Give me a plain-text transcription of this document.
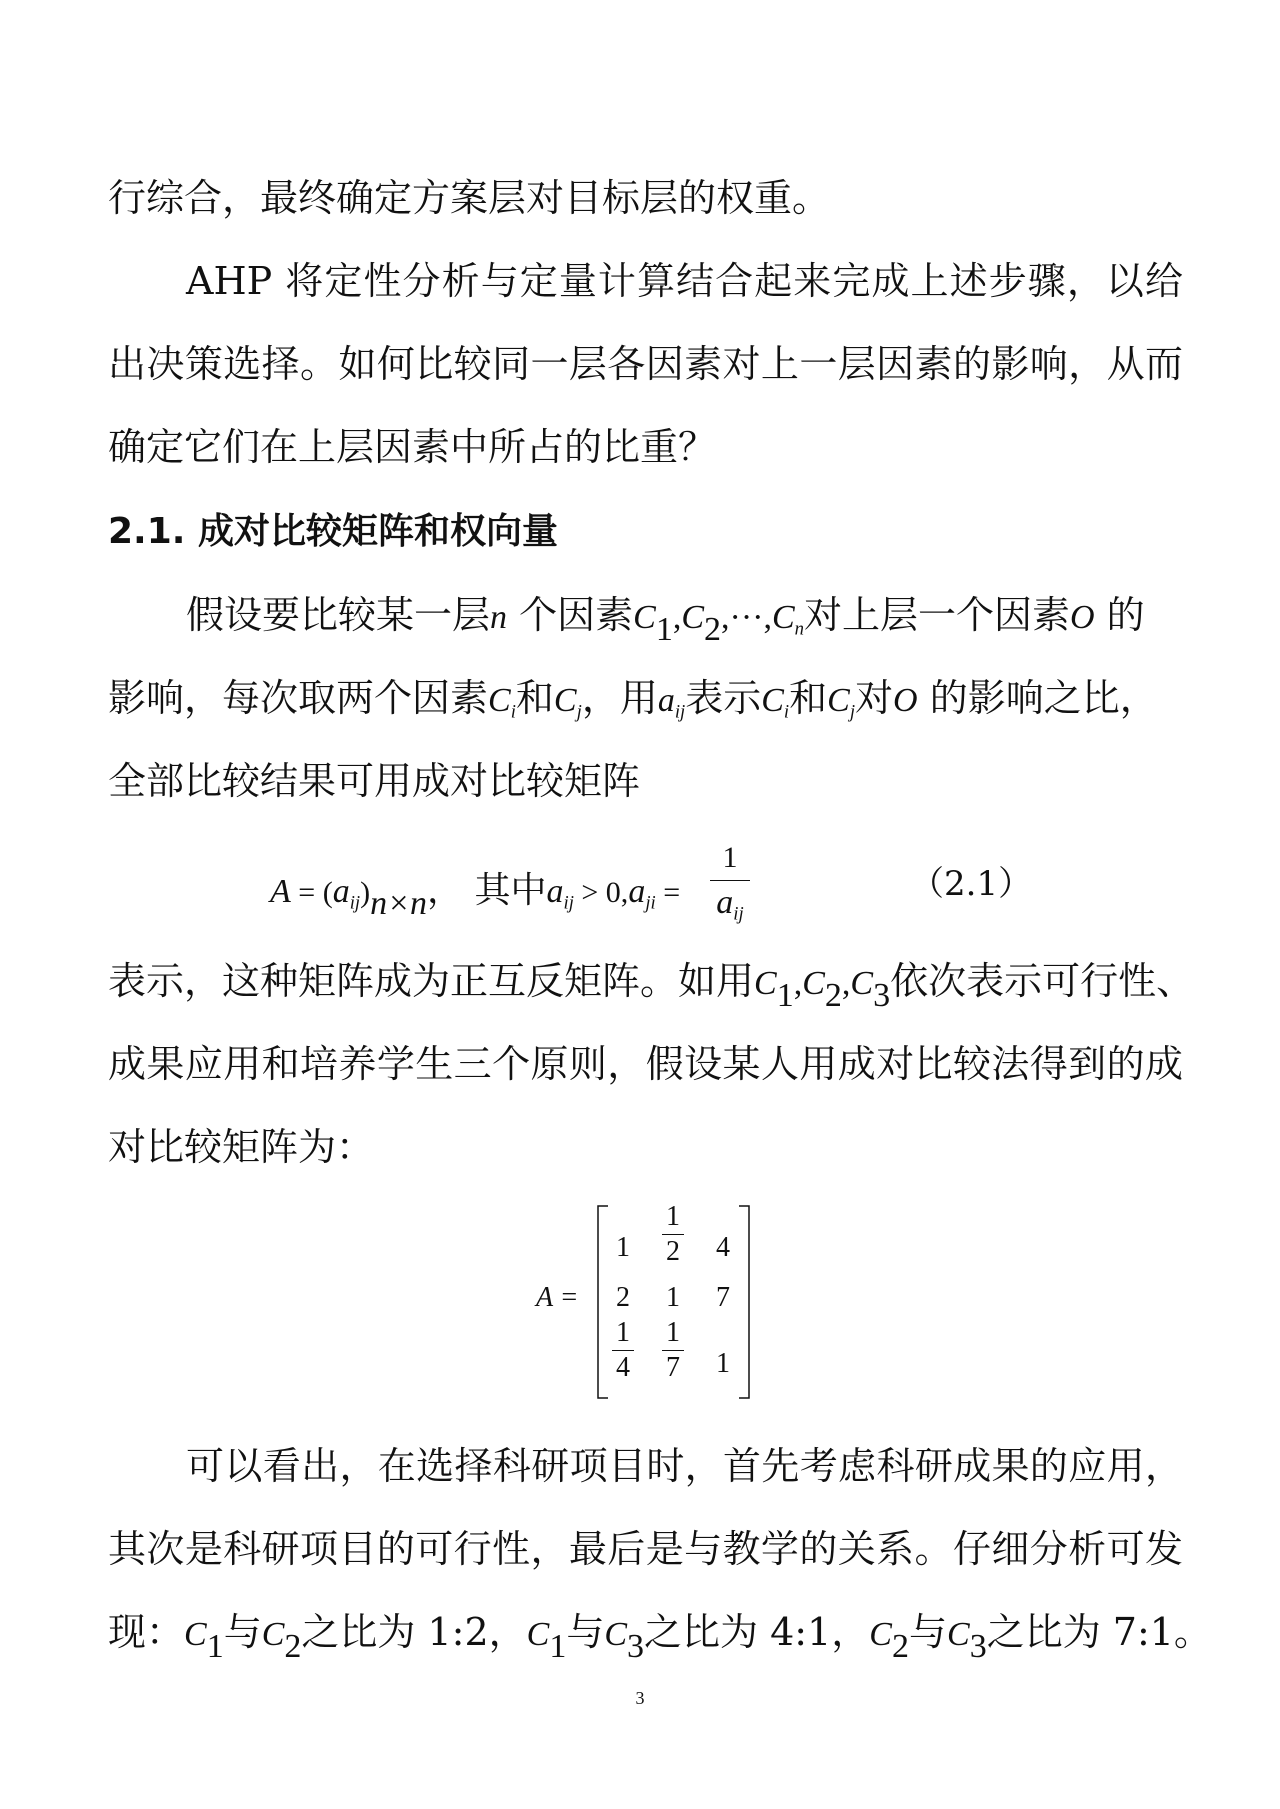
行综合，最终确定方案层对目标层的权重。
AHP 将定性分析与定量计算结合起来完成上述步骤，以给
出决策选择。如何比较同一层各因素对上一层因素的影响，从而
确定它们在上层因素中所占的比重？
2.1. 成对比较矩阵和权向量
假设要比较某一层n 个因素$C_1,C_2,\cdot\cdot\cdot,C_n$对上层一个因素O 的
影响，每次取两个因素$C_i$和$C_j$，用$a_{ij}$表示$C_i$和$C_j$对O 的影响之比，
全部比较结果可用成对比较矩阵
$A = (a_{ij})_{n\times n}$， 其中$a_{ij} > 0,a_{ji}$ =
1
$a_{ij}$
（2.1）
表示，这种矩阵成为正互反矩阵。如用$C_1,C_2,C_3$依次表示可行性、
成果应用和培养学生三个原则，假设某人用成对比较法得到的成
对比较矩阵为：
A =
1
1
2 4
2 1 7
1
4
1
7 1
可以看出，在选择科研项目时，首先考虑科研成果的应用，
其次是科研项目的可行性，最后是与教学的关系。仔细分析可发
现：$C_1$与$C_2$之比为 1:2，$C_1$与$C_3$之比为 4:1，$C_2$与$C_3$之比为 7:1。
3
